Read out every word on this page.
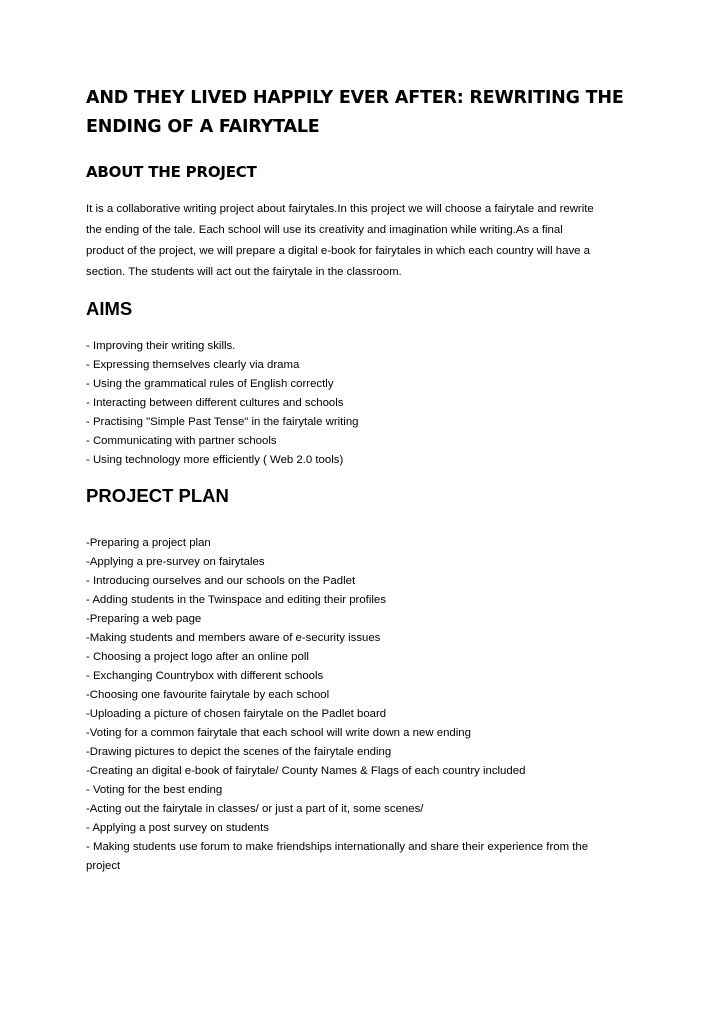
AND THEY LIVED HAPPILY EVER AFTER: REWRITING THE ENDING OF A FAIRYTALE
ABOUT THE PROJECT
It is a collaborative writing project about fairytales.In this project we will choose a fairytale and rewrite
the ending of the tale. Each school will use its creativity and imagination while writing.As a final
product of the project, we will prepare a digital e-book for fairytales in which each country will have a
section. The students will act out the fairytale in the classroom.
AIMS
- Improving their writing skills.
- Expressing themselves clearly via drama
- Using the grammatical rules of English correctly
- Interacting between different cultures and schools
- Practising "Simple Past Tense" in the fairytale writing
- Communicating with partner schools
- Using technology more efficiently ( Web 2.0 tools)
PROJECT PLAN
-Preparing a project plan
-Applying a pre-survey on fairytales
- Introducing ourselves and our schools on the Padlet
- Adding students in the Twinspace and editing their profiles
-Preparing a web page
-Making students and members aware of e-security issues
- Choosing a project logo after an online poll
- Exchanging Countrybox with different schools
-Choosing one favourite fairytale by each school
-Uploading a picture of chosen fairytale on the Padlet board
-Voting for a common fairytale that each school will write down a new ending
-Drawing pictures to depict the scenes of the fairytale ending
-Creating an digital e-book of fairytale/ County Names & Flags of each country included
- Voting for the best ending
-Acting out the fairytale in classes/ or just a part of it, some scenes/
- Applying a post survey on students
- Making students use forum to make friendships internationally and share their experience from the
project
